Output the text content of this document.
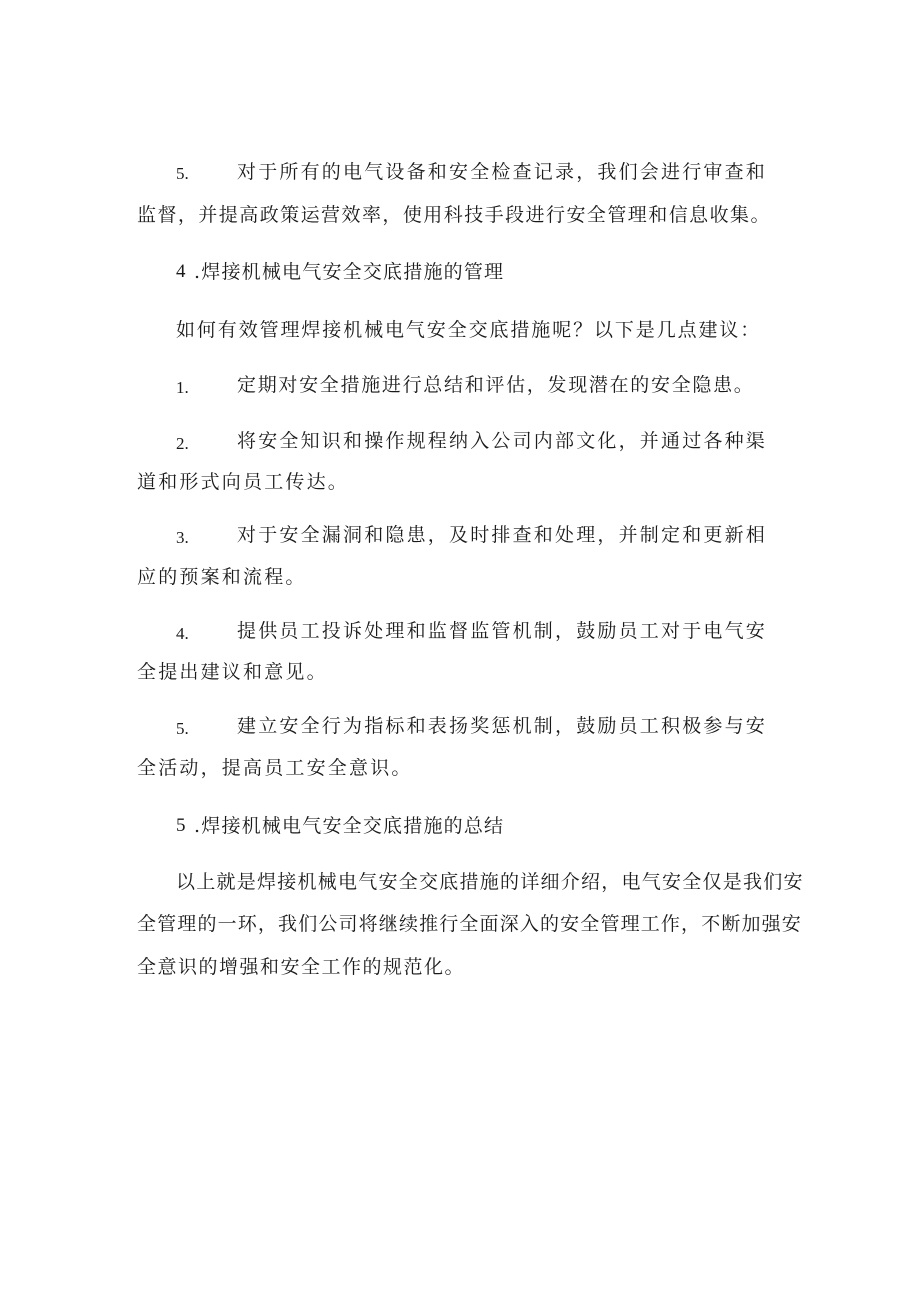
5.	对于所有的电气设备和安全检查记录，我们会进行审查和
监督，并提高政策运营效率，使用科技手段进行安全管理和信息收集。
4 .焊接机械电气安全交底措施的管理
如何有效管理焊接机械电气安全交底措施呢？以下是几点建议：
1.	定期对安全措施进行总结和评估，发现潜在的安全隐患。
2.	将安全知识和操作规程纳入公司内部文化，并通过各种渠
道和形式向员工传达。
3.	对于安全漏洞和隐患，及时排查和处理，并制定和更新相
应的预案和流程。
4.	提供员工投诉处理和监督监管机制，鼓励员工对于电气安
全提出建议和意见。
5.	建立安全行为指标和表扬奖惩机制，鼓励员工积极参与安
全活动，提高员工安全意识。
5 .焊接机械电气安全交底措施的总结
以上就是焊接机械电气安全交底措施的详细介绍，电气安全仅是我们安
全管理的一环，我们公司将继续推行全面深入的安全管理工作，不断加强安
全意识的增强和安全工作的规范化。
